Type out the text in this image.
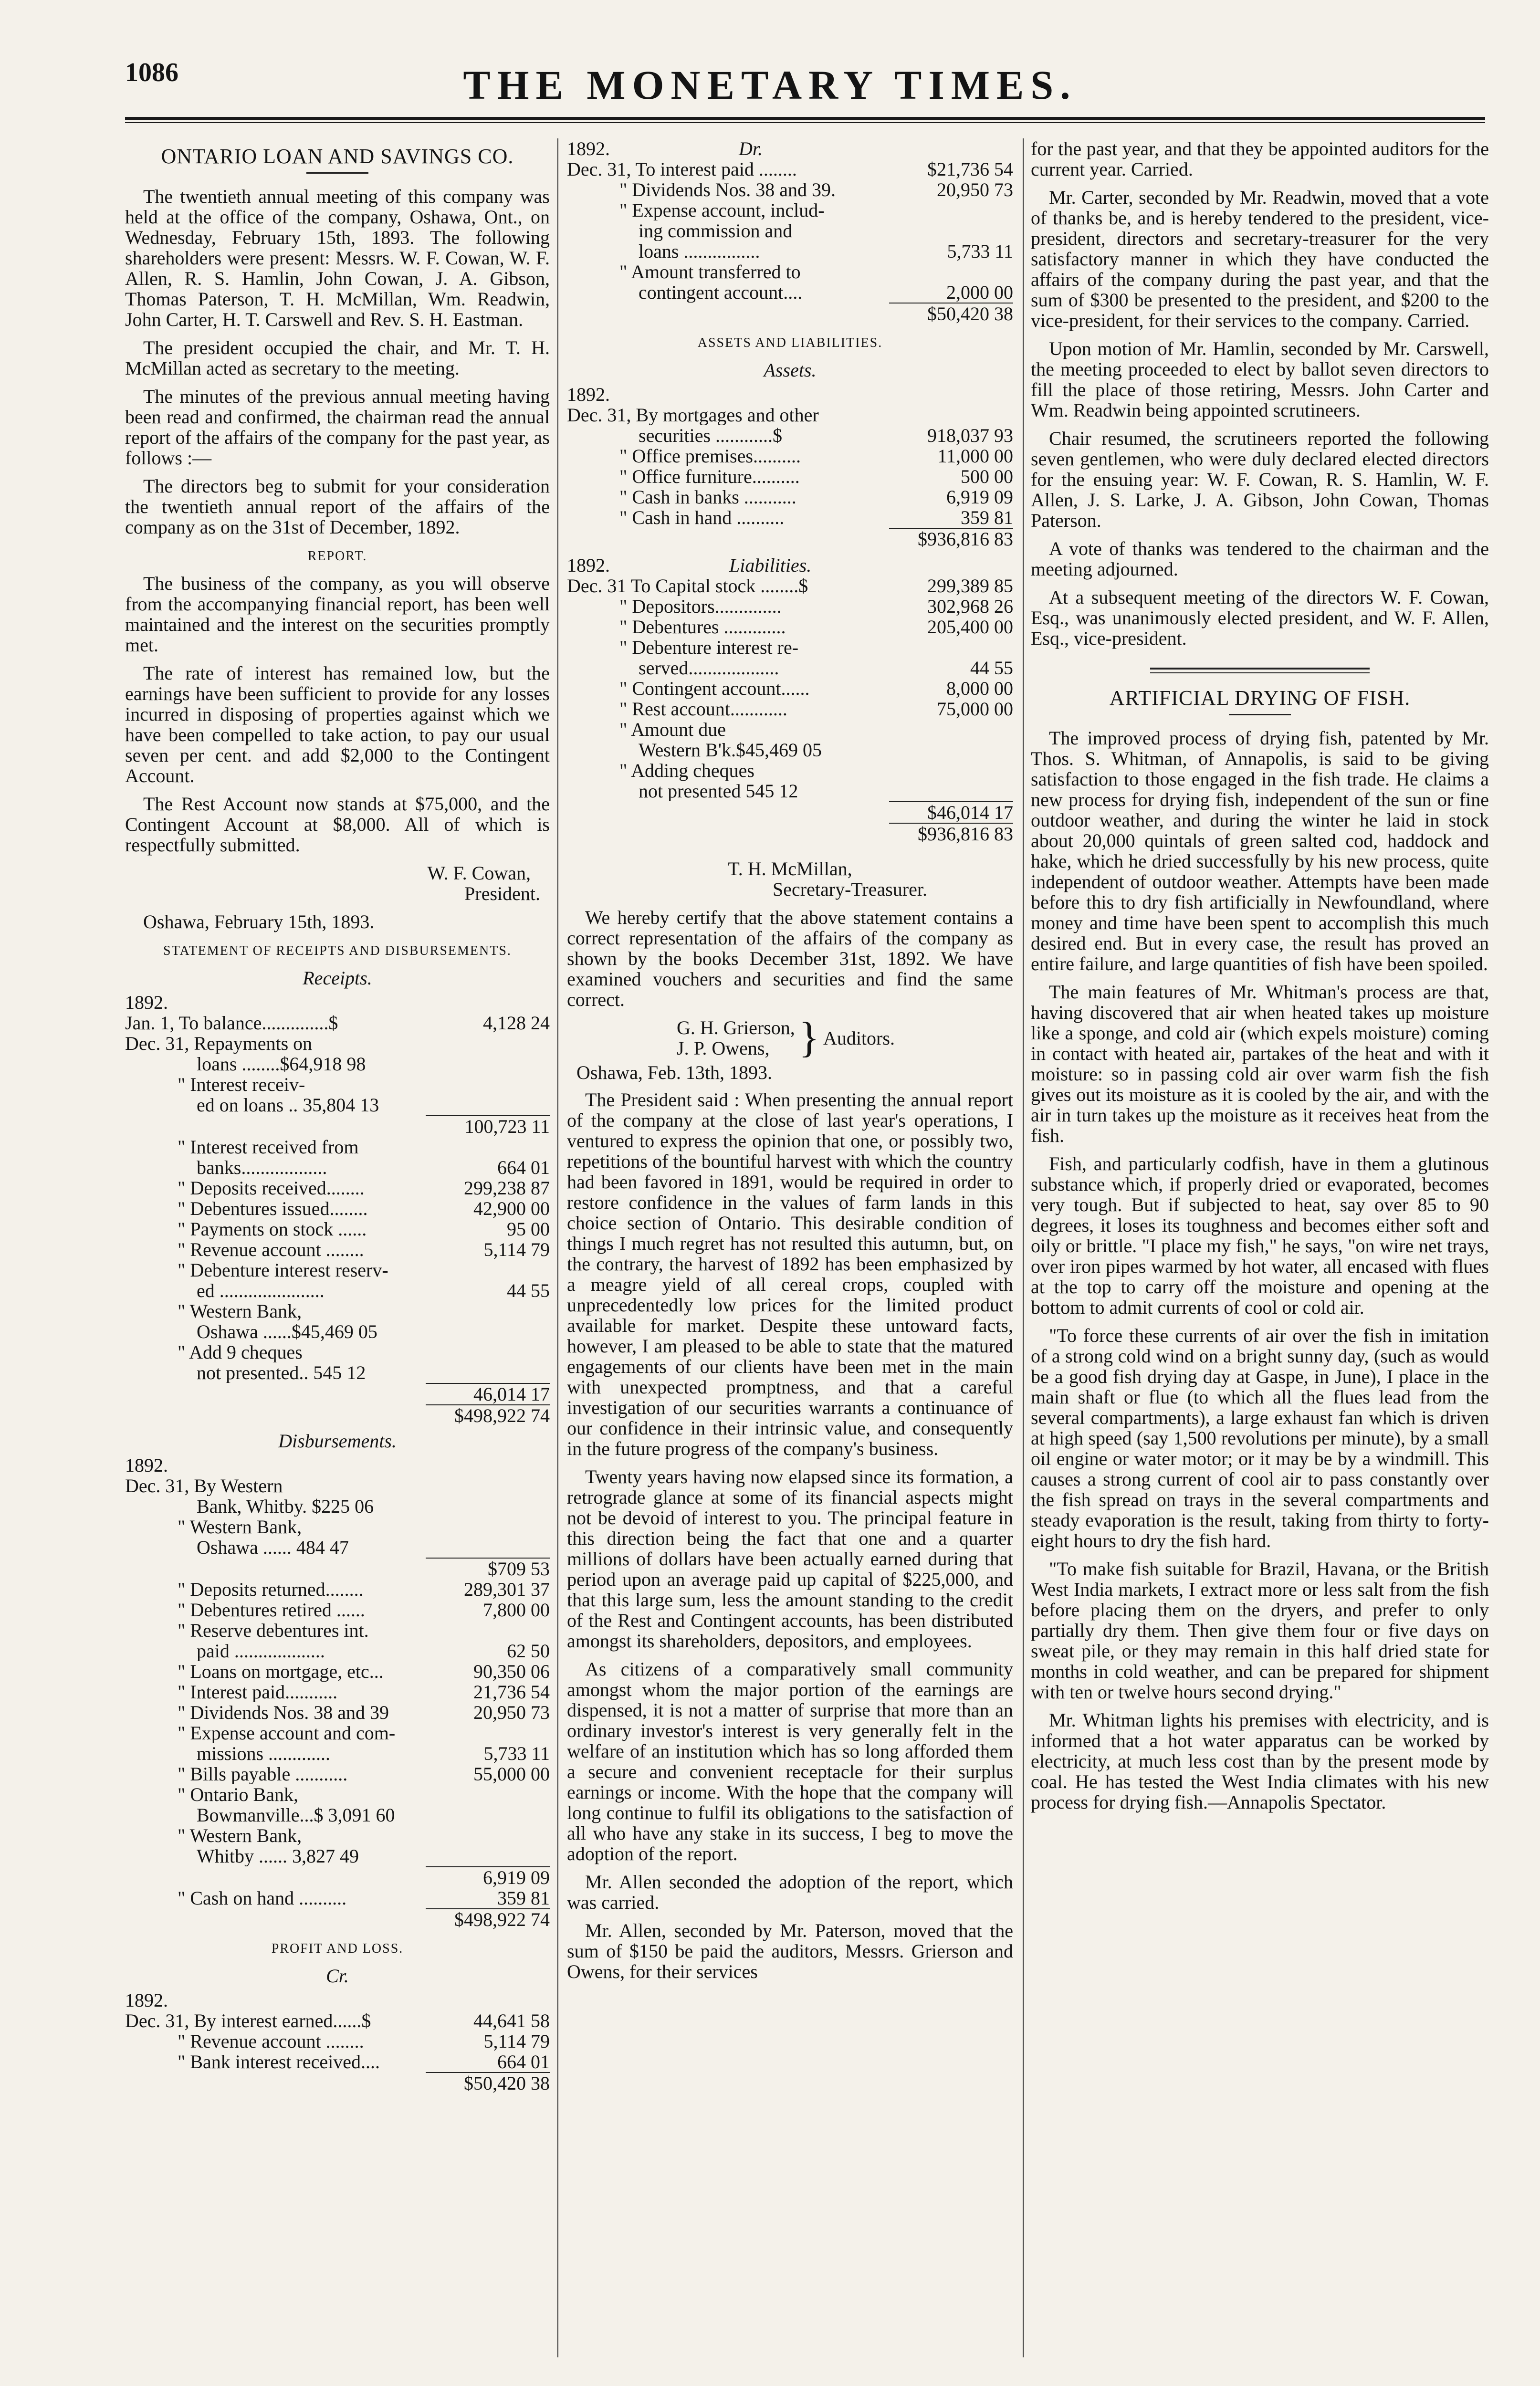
1086	THE MONETARY TIMES.
ONTARIO LOAN AND SAVINGS CO.

The twentieth annual meeting of this company was held at the office of the company, Oshawa, Ont., on Wednesday, February 15th, 1893. The following shareholders were present: Messrs. W. F. Cowan, W. F. Allen, R. S. Hamlin, John Cowan, J. A. Gibson, Thomas Paterson, T. H. McMillan, Wm. Readwin, John Carter, H. T. Carswell and Rev. S. H. Eastman.

The president occupied the chair, and Mr. T. H. McMillan acted as secretary to the meeting.

The minutes of the previous annual meeting having been read and confirmed, the chairman read the annual report of the affairs of the company for the past year, as follows :—

The directors beg to submit for your consideration the twentieth annual report of the affairs of the company as on the 31st of December, 1892.

REPORT.

The business of the company, as you will observe from the accompanying financial report, has been well maintained and the interest on the securities promptly met.

The rate of interest has remained low, but the earnings have been sufficient to provide for any losses incurred in disposing of properties against which we have been compelled to take action, to pay our usual seven per cent. and add $2,000 to the Contingent Account.

The Rest Account now stands at $75,000, and the Contingent Account at $8,000. All of which is respectfully submitted.

W. F. Cowan,
President.
Oshawa, February 15th, 1893.
STATEMENT OF RECEIPTS AND DISBURSEMENTS.
Receipts.
1892.
Jan. 1, To balance..............$	4,128 24
Dec. 31, Repayments on
loans ........$64,918 98
" Interest receiv-
ed on loans .. 35,804 13
100,723 11
" Interest received from
banks..................	664 01
" Deposits received........	299,238 87
" Debentures issued........	42,900 00
" Payments on stock ......	95 00
" Revenue account ........	5,114 79
" Debenture interest reserv-
ed ......................	44 55
" Western Bank,
Oshawa ......$45,469 05
" Add 9 cheques
not presented.. 545 12
46,014 17
$498,922 74
Disbursements.
1892.
Dec. 31, By Western
Bank, Whitby. $225 06
" Western Bank,
Oshawa ...... 484 47
$709 53
" Deposits returned........	289,301 37
" Debentures retired ......	7,800 00
" Reserve debentures int.
paid ...................	62 50
" Loans on mortgage, etc...	90,350 06
" Interest paid...........	21,736 54
" Dividends Nos. 38 and 39	20,950 73
" Expense account and com-
missions .............	5,733 11
" Bills payable ...........	55,000 00
" Ontario Bank,
Bowmanville...$ 3,091 60
" Western Bank,
Whitby ...... 3,827 49
6,919 09
" Cash on hand ..........	359 81
$498,922 74
PROFIT AND LOSS.
Cr.
1892.
Dec. 31, By interest earned......$	44,641 58
" Revenue account ........	5,114 79
" Bank interest received....	664 01
$50,420 38
1892.	Dr.
Dec. 31, To interest paid ........	$21,736 54
" Dividends Nos. 38 and 39.	20,950 73
" Expense account, includ-
ing commission and
loans ................	5,733 11
" Amount transferred to
contingent account....	2,000 00
$50,420 38
ASSETS AND LIABILITIES.
Assets.
1892.
Dec. 31, By mortgages and other
securities ............$	918,037 93
" Office premises..........	11,000 00
" Office furniture..........	500 00
" Cash in banks ...........	6,919 09
" Cash in hand ..........	359 81
$936,816 83
1892.	Liabilities.
Dec. 31 To Capital stock ........$	299,389 85
" Depositors..............	302,968 26
" Debentures .............	205,400 00
" Debenture interest re-
served...................	44 55
" Contingent account......	8,000 00
" Rest account............	75,000 00
" Amount due
Western B'k.$45,469 05
" Adding cheques
not presented 545 12
$46,014 17
$936,816 83
T. H. McMillan,
Secretary-Treasurer.

We hereby certify that the above statement contains a correct representation of the affairs of the company as shown by the books December 31st, 1892. We have examined vouchers and securities and find the same correct.

G. H. Grierson,
J. P. Owens, } Auditors.
Oshawa, Feb. 13th, 1893.

The President said : When presenting the annual report of the company at the close of last year's operations, I ventured to express the opinion that one, or possibly two, repetitions of the bountiful harvest with which the country had been favored in 1891, would be required in order to restore confidence in the values of farm lands in this choice section of Ontario. This desirable condition of things I much regret has not resulted this autumn, but, on the contrary, the harvest of 1892 has been emphasized by a meagre yield of all cereal crops, coupled with unprecedentedly low prices for the limited product available for market. Despite these untoward facts, however, I am pleased to be able to state that the matured engagements of our clients have been met in the main with unexpected promptness, and that a careful investigation of our securities warrants a continuance of our confidence in their intrinsic value, and consequently in the future progress of the company's business.

Twenty years having now elapsed since its formation, a retrograde glance at some of its financial aspects might not be devoid of interest to you. The principal feature in this direction being the fact that one and a quarter millions of dollars have been actually earned during that period upon an average paid up capital of $225,000, and that this large sum, less the amount standing to the credit of the Rest and Contingent accounts, has been distributed amongst its shareholders, depositors, and employees.

As citizens of a comparatively small community amongst whom the major portion of the earnings are dispensed, it is not a matter of surprise that more than an ordinary investor's interest is very generally felt in the welfare of an institution which has so long afforded them a secure and convenient receptacle for their surplus earnings or income. With the hope that the company will long continue to fulfil its obligations to the satisfaction of all who have any stake in its success, I beg to move the adoption of the report.

Mr. Allen seconded the adoption of the report, which was carried.

Mr. Allen, seconded by Mr. Paterson, moved that the sum of $150 be paid the auditors, Messrs. Grierson and Owens, for their services

for the past year, and that they be appointed auditors for the current year. Carried.

Mr. Carter, seconded by Mr. Readwin, moved that a vote of thanks be, and is hereby tendered to the president, vice-president, directors and secretary-treasurer for the very satisfactory manner in which they have conducted the affairs of the company during the past year, and that the sum of $300 be presented to the president, and $200 to the vice-president, for their services to the company. Carried.

Upon motion of Mr. Hamlin, seconded by Mr. Carswell, the meeting proceeded to elect by ballot seven directors to fill the place of those retiring, Messrs. John Carter and Wm. Readwin being appointed scrutineers.

Chair resumed, the scrutineers reported the following seven gentlemen, who were duly declared elected directors for the ensuing year: W. F. Cowan, R. S. Hamlin, W. F. Allen, J. S. Larke, J. A. Gibson, John Cowan, Thomas Paterson.

A vote of thanks was tendered to the chairman and the meeting adjourned.

At a subsequent meeting of the directors W. F. Cowan, Esq., was unanimously elected president, and W. F. Allen, Esq., vice-president.

ARTIFICIAL DRYING OF FISH.

The improved process of drying fish, patented by Mr. Thos. S. Whitman, of Annapolis, is said to be giving satisfaction to those engaged in the fish trade. He claims a new process for drying fish, independent of the sun or fine outdoor weather, and during the winter he laid in stock about 20,000 quintals of green salted cod, haddock and hake, which he dried successfully by his new process, quite independent of outdoor weather. Attempts have been made before this to dry fish artificially in Newfoundland, where money and time have been spent to accomplish this much desired end. But in every case, the result has proved an entire failure, and large quantities of fish have been spoiled.

The main features of Mr. Whitman's process are that, having discovered that air when heated takes up moisture like a sponge, and cold air (which expels moisture) coming in contact with heated air, partakes of the heat and with it moisture: so in passing cold air over warm fish the fish gives out its moisture as it is cooled by the air, and with the air in turn takes up the moisture as it receives heat from the fish.

Fish, and particularly codfish, have in them a glutinous substance which, if properly dried or evaporated, becomes very tough. But if subjected to heat, say over 85 to 90 degrees, it loses its toughness and becomes either soft and oily or brittle. "I place my fish," he says, "on wire net trays, over iron pipes warmed by hot water, all encased with flues at the top to carry off the moisture and opening at the bottom to admit currents of cool or cold air.

"To force these currents of air over the fish in imitation of a strong cold wind on a bright sunny day, (such as would be a good fish drying day at Gaspe, in June), I place in the main shaft or flue (to which all the flues lead from the several compartments), a large exhaust fan which is driven at high speed (say 1,500 revolutions per minute), by a small oil engine or water motor; or it may be by a windmill. This causes a strong current of cool air to pass constantly over the fish spread on trays in the several compartments and steady evaporation is the result, taking from thirty to forty-eight hours to dry the fish hard.

"To make fish suitable for Brazil, Havana, or the British West India markets, I extract more or less salt from the fish before placing them on the dryers, and prefer to only partially dry them. Then give them four or five days on sweat pile, or they may remain in this half dried state for months in cold weather, and can be prepared for shipment with ten or twelve hours second drying."

Mr. Whitman lights his premises with electricity, and is informed that a hot water apparatus can be worked by electricity, at much less cost than by the present mode by coal. He has tested the West India climates with his new process for drying fish.—Annapolis Spectator.
